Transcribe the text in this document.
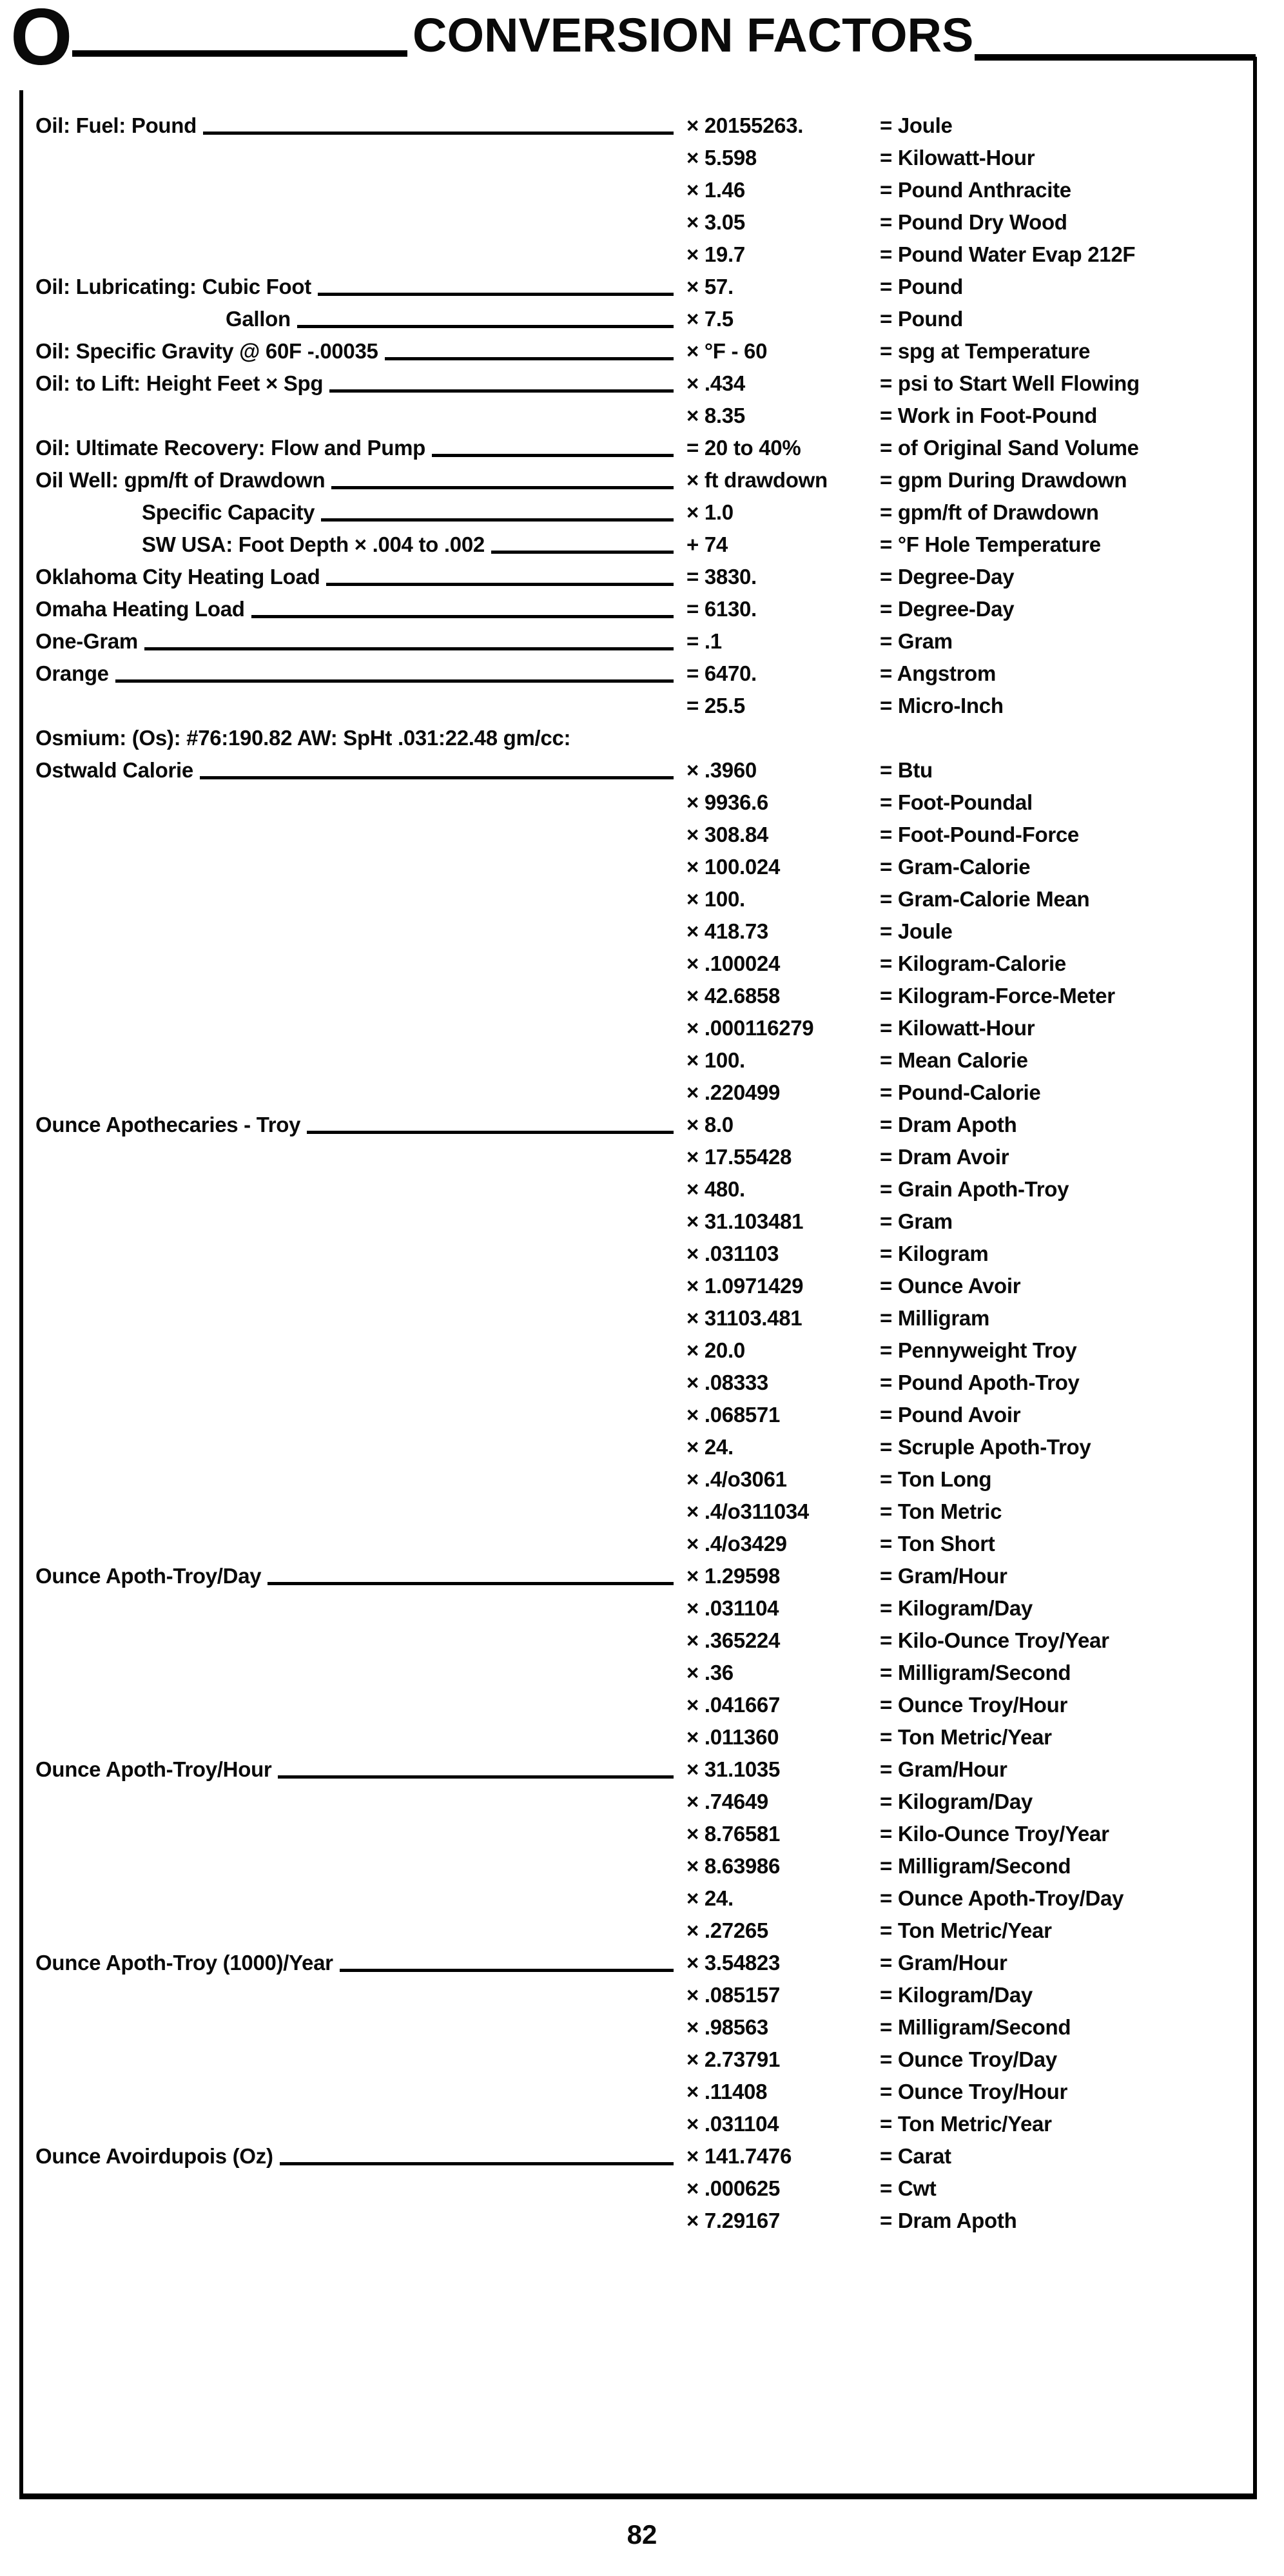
O	CONVERSION FACTORS
Oil: Fuel: Pound	× 20155263.	= Joule
× 5.598	= Kilowatt-Hour
× 1.46	= Pound Anthracite
× 3.05	= Pound Dry Wood
× 19.7	= Pound Water Evap 212F
Oil: Lubricating: Cubic Foot	× 57.	= Pound
Gallon	× 7.5	= Pound
Oil: Specific Gravity @ 60F -.00035	× °F - 60	= spg at Temperature
Oil: to Lift: Height Feet × Spg	× .434	= psi to Start Well Flowing
× 8.35	= Work in Foot-Pound
Oil: Ultimate Recovery: Flow and Pump	= 20 to 40%	= of Original Sand Volume
Oil Well: gpm/ft of Drawdown	× ft drawdown	= gpm During Drawdown
Specific Capacity	× 1.0	= gpm/ft of Drawdown
SW USA: Foot Depth × .004 to .002	+ 74	= °F Hole Temperature
Oklahoma City Heating Load	= 3830.	= Degree-Day
Omaha Heating Load	= 6130.	= Degree-Day
One-Gram	= .1	= Gram
Orange	= 6470.	= Angstrom
= 25.5	= Micro-Inch
Osmium: (Os): #76:190.82 AW: SpHt .031:22.48 gm/cc:
Ostwald Calorie	× .3960	= Btu
× 9936.6	= Foot-Poundal
× 308.84	= Foot-Pound-Force
× 100.024	= Gram-Calorie
× 100.	= Gram-Calorie Mean
× 418.73	= Joule
× .100024	= Kilogram-Calorie
× 42.6858	= Kilogram-Force-Meter
× .000116279	= Kilowatt-Hour
× 100.	= Mean Calorie
× .220499	= Pound-Calorie
Ounce Apothecaries - Troy	× 8.0	= Dram Apoth
× 17.55428	= Dram Avoir
× 480.	= Grain Apoth-Troy
× 31.103481	= Gram
× .031103	= Kilogram
× 1.0971429	= Ounce Avoir
× 31103.481	= Milligram
× 20.0	= Pennyweight Troy
× .08333	= Pound Apoth-Troy
× .068571	= Pound Avoir
× 24.	= Scruple Apoth-Troy
× .4/o3061	= Ton Long
× .4/o311034	= Ton Metric
× .4/o3429	= Ton Short
Ounce Apoth-Troy/Day	× 1.29598	= Gram/Hour
× .031104	= Kilogram/Day
× .365224	= Kilo-Ounce Troy/Year
× .36	= Milligram/Second
× .041667	= Ounce Troy/Hour
× .011360	= Ton Metric/Year
Ounce Apoth-Troy/Hour	× 31.1035	= Gram/Hour
× .74649	= Kilogram/Day
× 8.76581	= Kilo-Ounce Troy/Year
× 8.63986	= Milligram/Second
× 24.	= Ounce Apoth-Troy/Day
× .27265	= Ton Metric/Year
Ounce Apoth-Troy (1000)/Year	× 3.54823	= Gram/Hour
× .085157	= Kilogram/Day
× .98563	= Milligram/Second
× 2.73791	= Ounce Troy/Day
× .11408	= Ounce Troy/Hour
× .031104	= Ton Metric/Year
Ounce Avoirdupois (Oz)	× 141.7476	= Carat
× .000625	= Cwt
× 7.29167	= Dram Apoth
82
